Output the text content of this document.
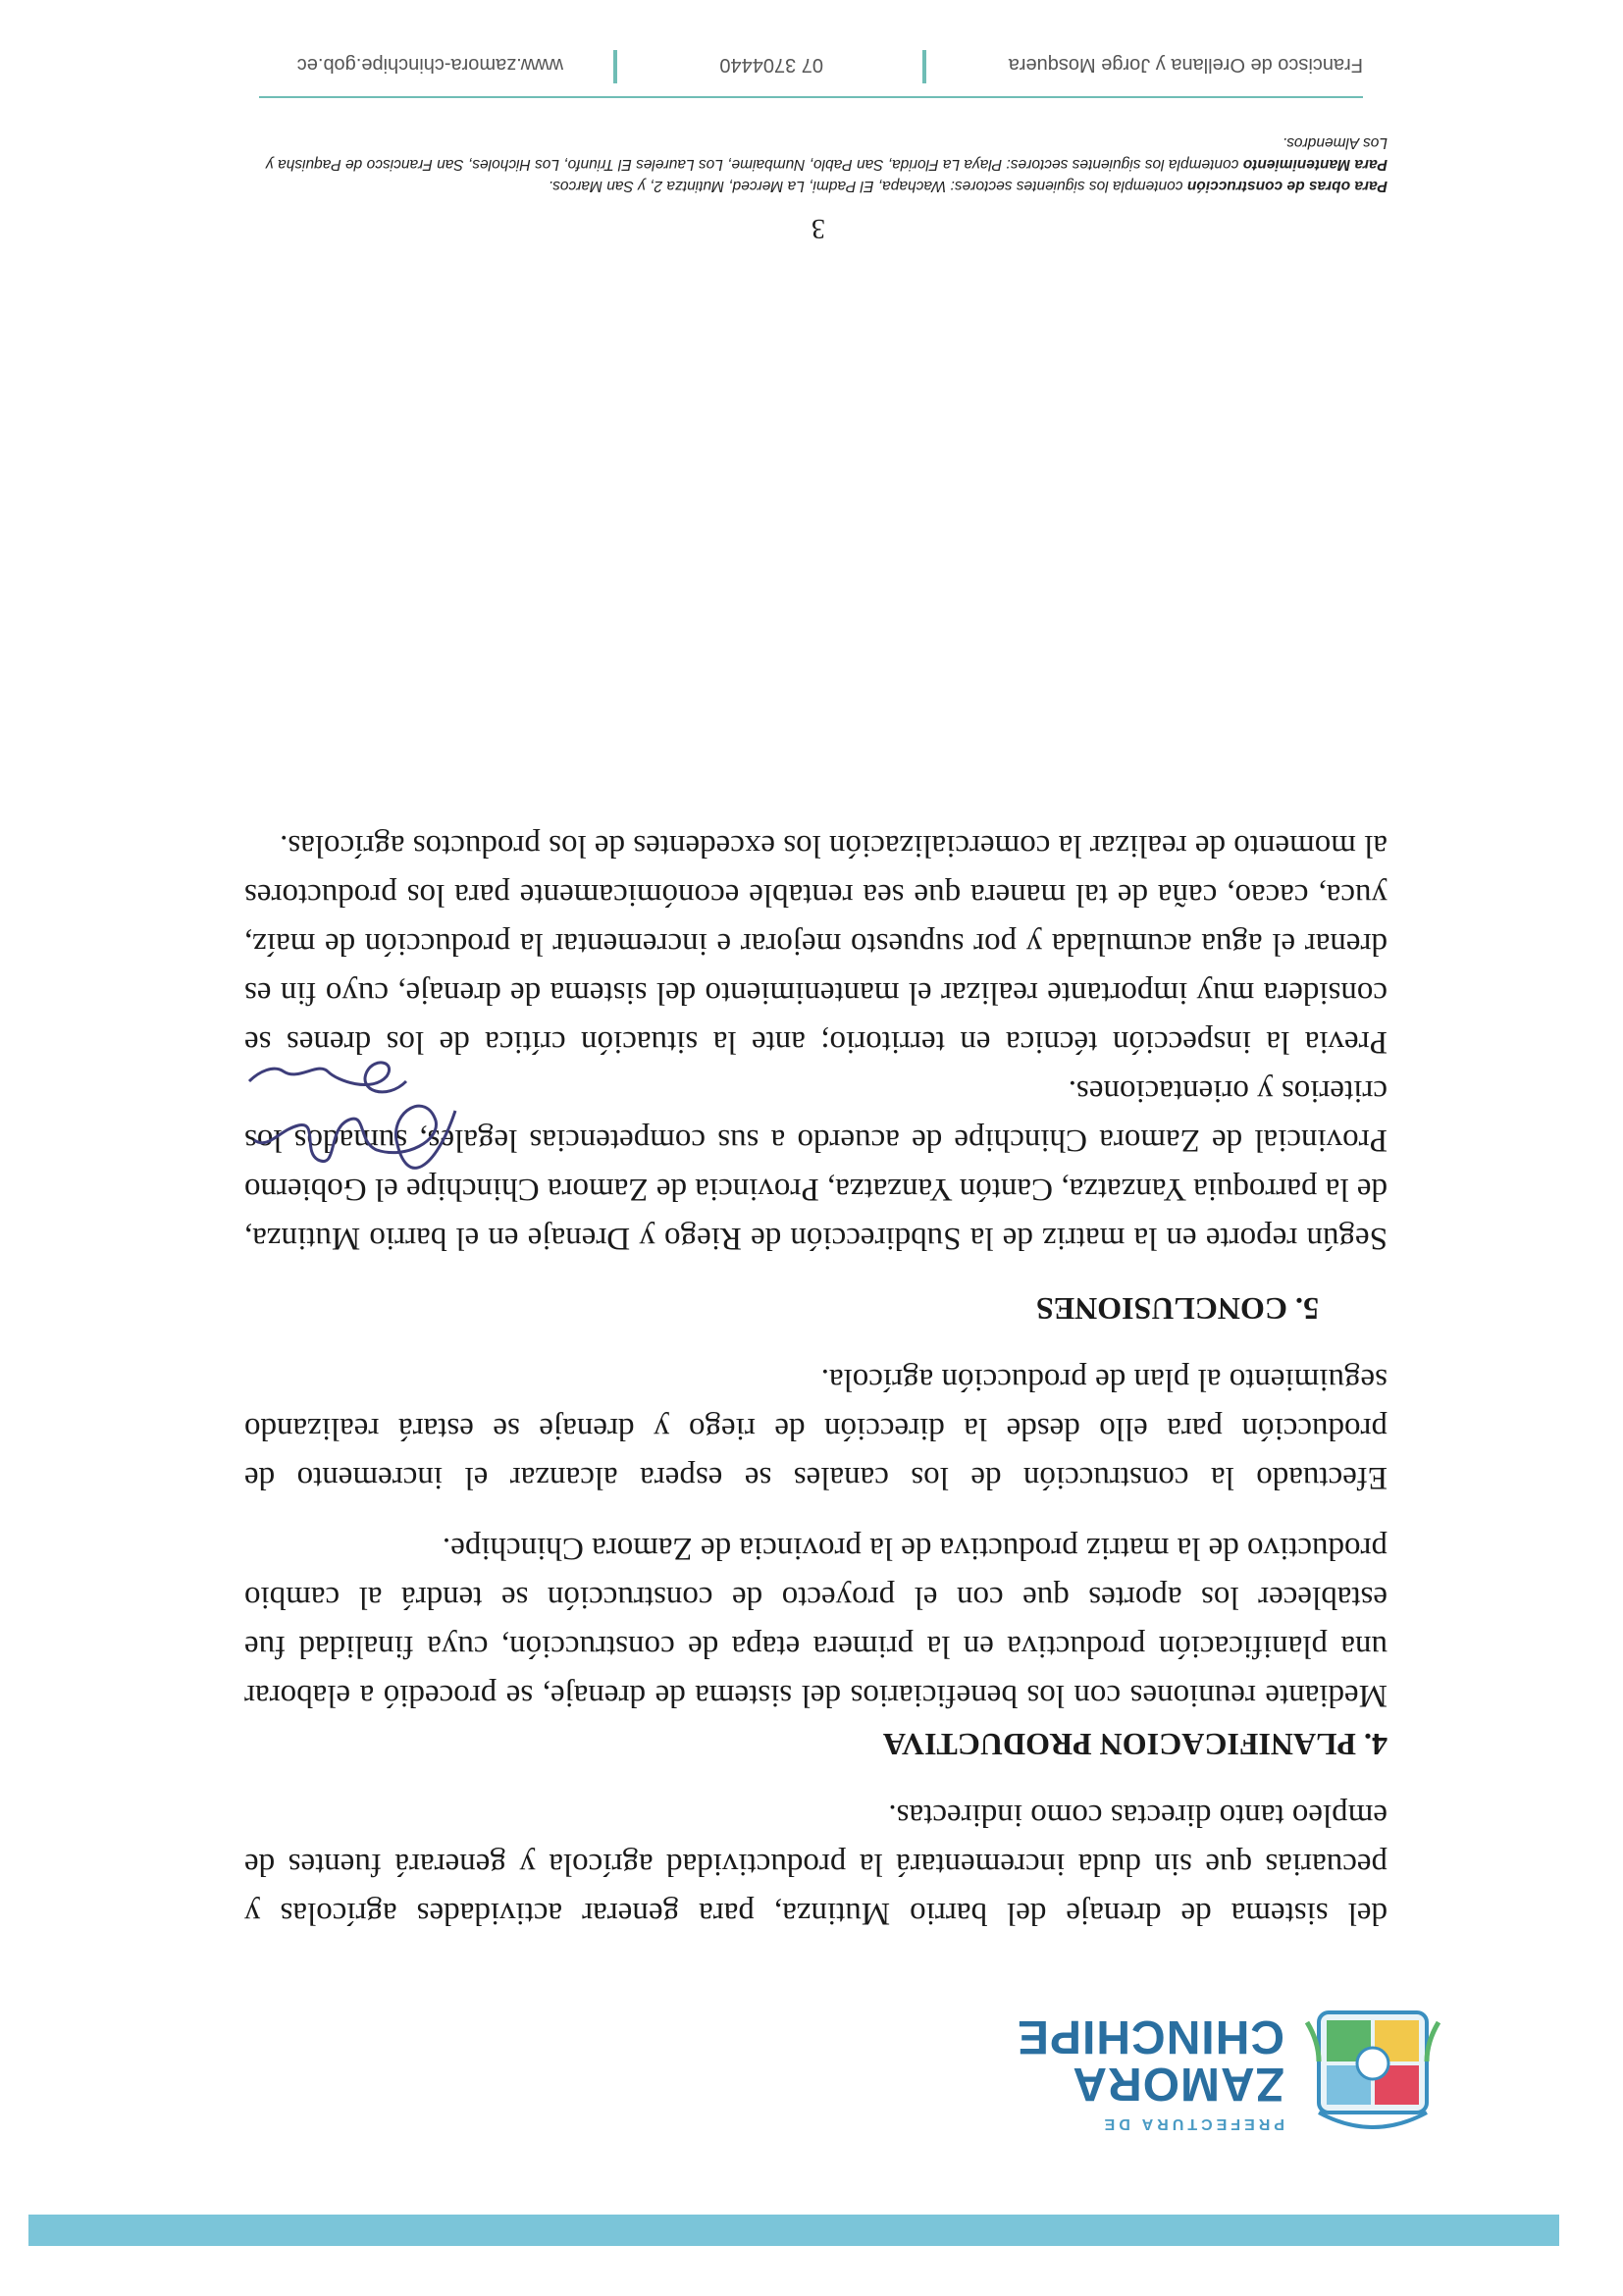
PREFECTURA DE
ZAMORA
CHINCHIPE

del sistema de drenaje del barrio Mutinza, para generar actividades agrícolas y pecuarias que sin duda incrementará la productividad agrícola y generará fuentes de empleo tanto directas como indirectas.

4. PLANIFICACION PRODUCTIVA

Mediante reuniones con los beneficiarios del sistema de drenaje, se procedió a elaborar una planificación productiva en la primera etapa de construcción, cuya finalidad fue establecer los aportes que con el proyecto de construcción se tendrá al cambio productivo de la matriz productiva de la provincia de Zamora Chinchipe.

Efectuado la construcción de los canales se espera alcanzar el incremento de producción para ello desde la dirección de riego y drenaje se estará realizando seguimiento al plan de producción agrícola.

5. CONCLUSIONES

Según reporte en la matriz de la Subdirección de Riego y Drenaje en el barrio Mutinza, de la parroquia Yanzatza, Cantón Yanzatza, Provincia de Zamora Chinchipe el Gobierno Provincial de Zamora Chinchipe de acuerdo a sus competencias legales, sumados los criterios y orientaciones.

Previa la inspección técnica en territorio; ante la situación crítica de los drenes se considera muy importante realizar el mantenimiento del sistema de drenaje, cuyo fin es drenar el agua acumulada y por supuesto mejorar e incrementar la producción de maíz, yuca, cacao, caña de tal manera que sea rentable económicamente para los productores al momento de realizar la comercialización los excedentes de los productos agrícolas.

3
Para obras de construcción contempla los siguientes sectores: Wachapa, El Padmi, La Merced, Mutintza 2, y San Marcos.
Para Mantenimiento contempla los siguientes sectores: Playa La Florida, San Pablo, Numbaime, Los Laureles El Triunfo, Los Hicholes, San Francisco de Paquisha y Los Almendros.
Francisco de Orellana y Jorge Mosquera
07 3704440
www.zamora-chinchipe.gob.ec
